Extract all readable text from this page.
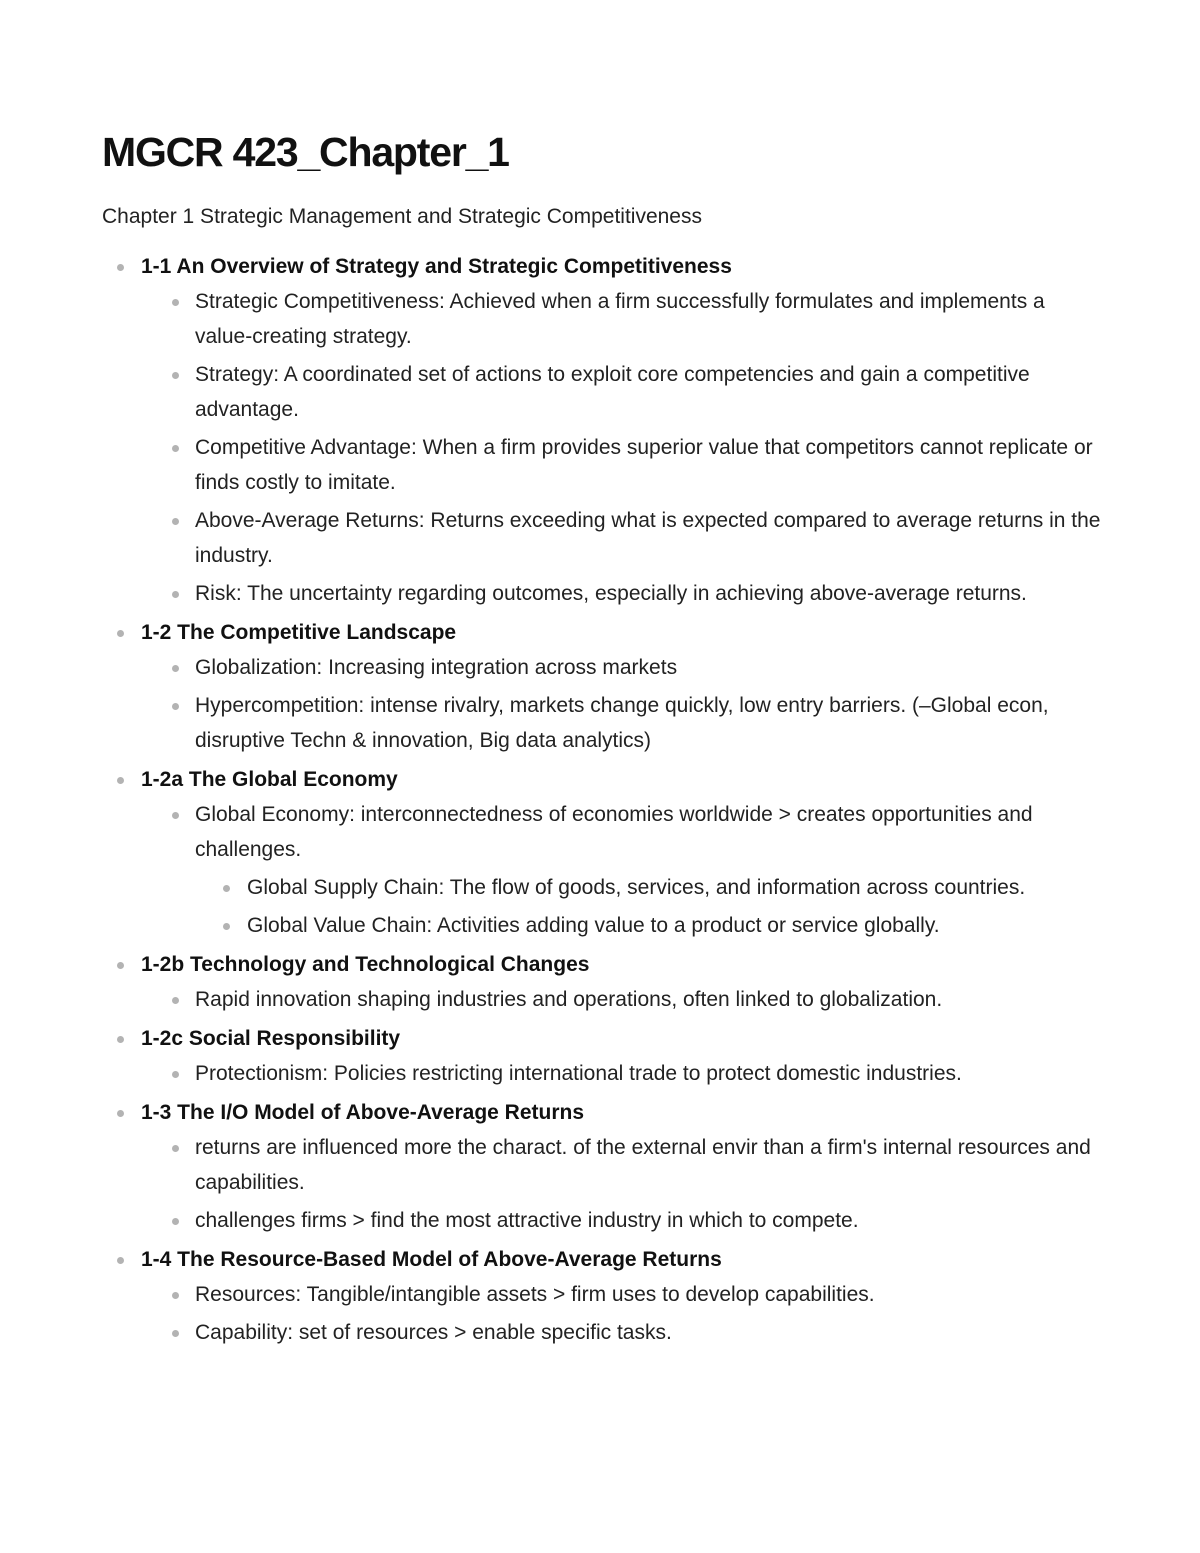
MGCR 423_Chapter_1

Chapter 1 Strategic Management and Strategic Competitiveness

1-1 An Overview of Strategy and Strategic Competitiveness
Strategic Competitiveness: Achieved when a firm successfully formulates and implements a value-creating strategy.
Strategy: A coordinated set of actions to exploit core competencies and gain a competitive advantage.
Competitive Advantage: When a firm provides superior value that competitors cannot replicate or finds costly to imitate.
Above-Average Returns: Returns exceeding what is expected compared to average returns in the industry.
Risk: The uncertainty regarding outcomes, especially in achieving above-average returns.
1-2 The Competitive Landscape
Globalization: Increasing integration across markets
Hypercompetition: intense rivalry, markets change quickly, low entry barriers. (–Global econ, disruptive Techn & innovation, Big data analytics)
1-2a The Global Economy
Global Economy: interconnectedness of economies worldwide > creates opportunities and challenges.
Global Supply Chain: The flow of goods, services, and information across countries.
Global Value Chain: Activities adding value to a product or service globally.
1-2b Technology and Technological Changes
Rapid innovation shaping industries and operations, often linked to globalization.
1-2c Social Responsibility
Protectionism: Policies restricting international trade to protect domestic industries.
1-3 The I/O Model of Above-Average Returns
returns are influenced more the charact. of the external envir than a firm's internal resources and capabilities.
challenges firms > find the most attractive industry in which to compete.
1-4 The Resource-Based Model of Above-Average Returns
Resources: Tangible/intangible assets > firm uses to develop capabilities.
Capability: set of resources > enable specific tasks.
